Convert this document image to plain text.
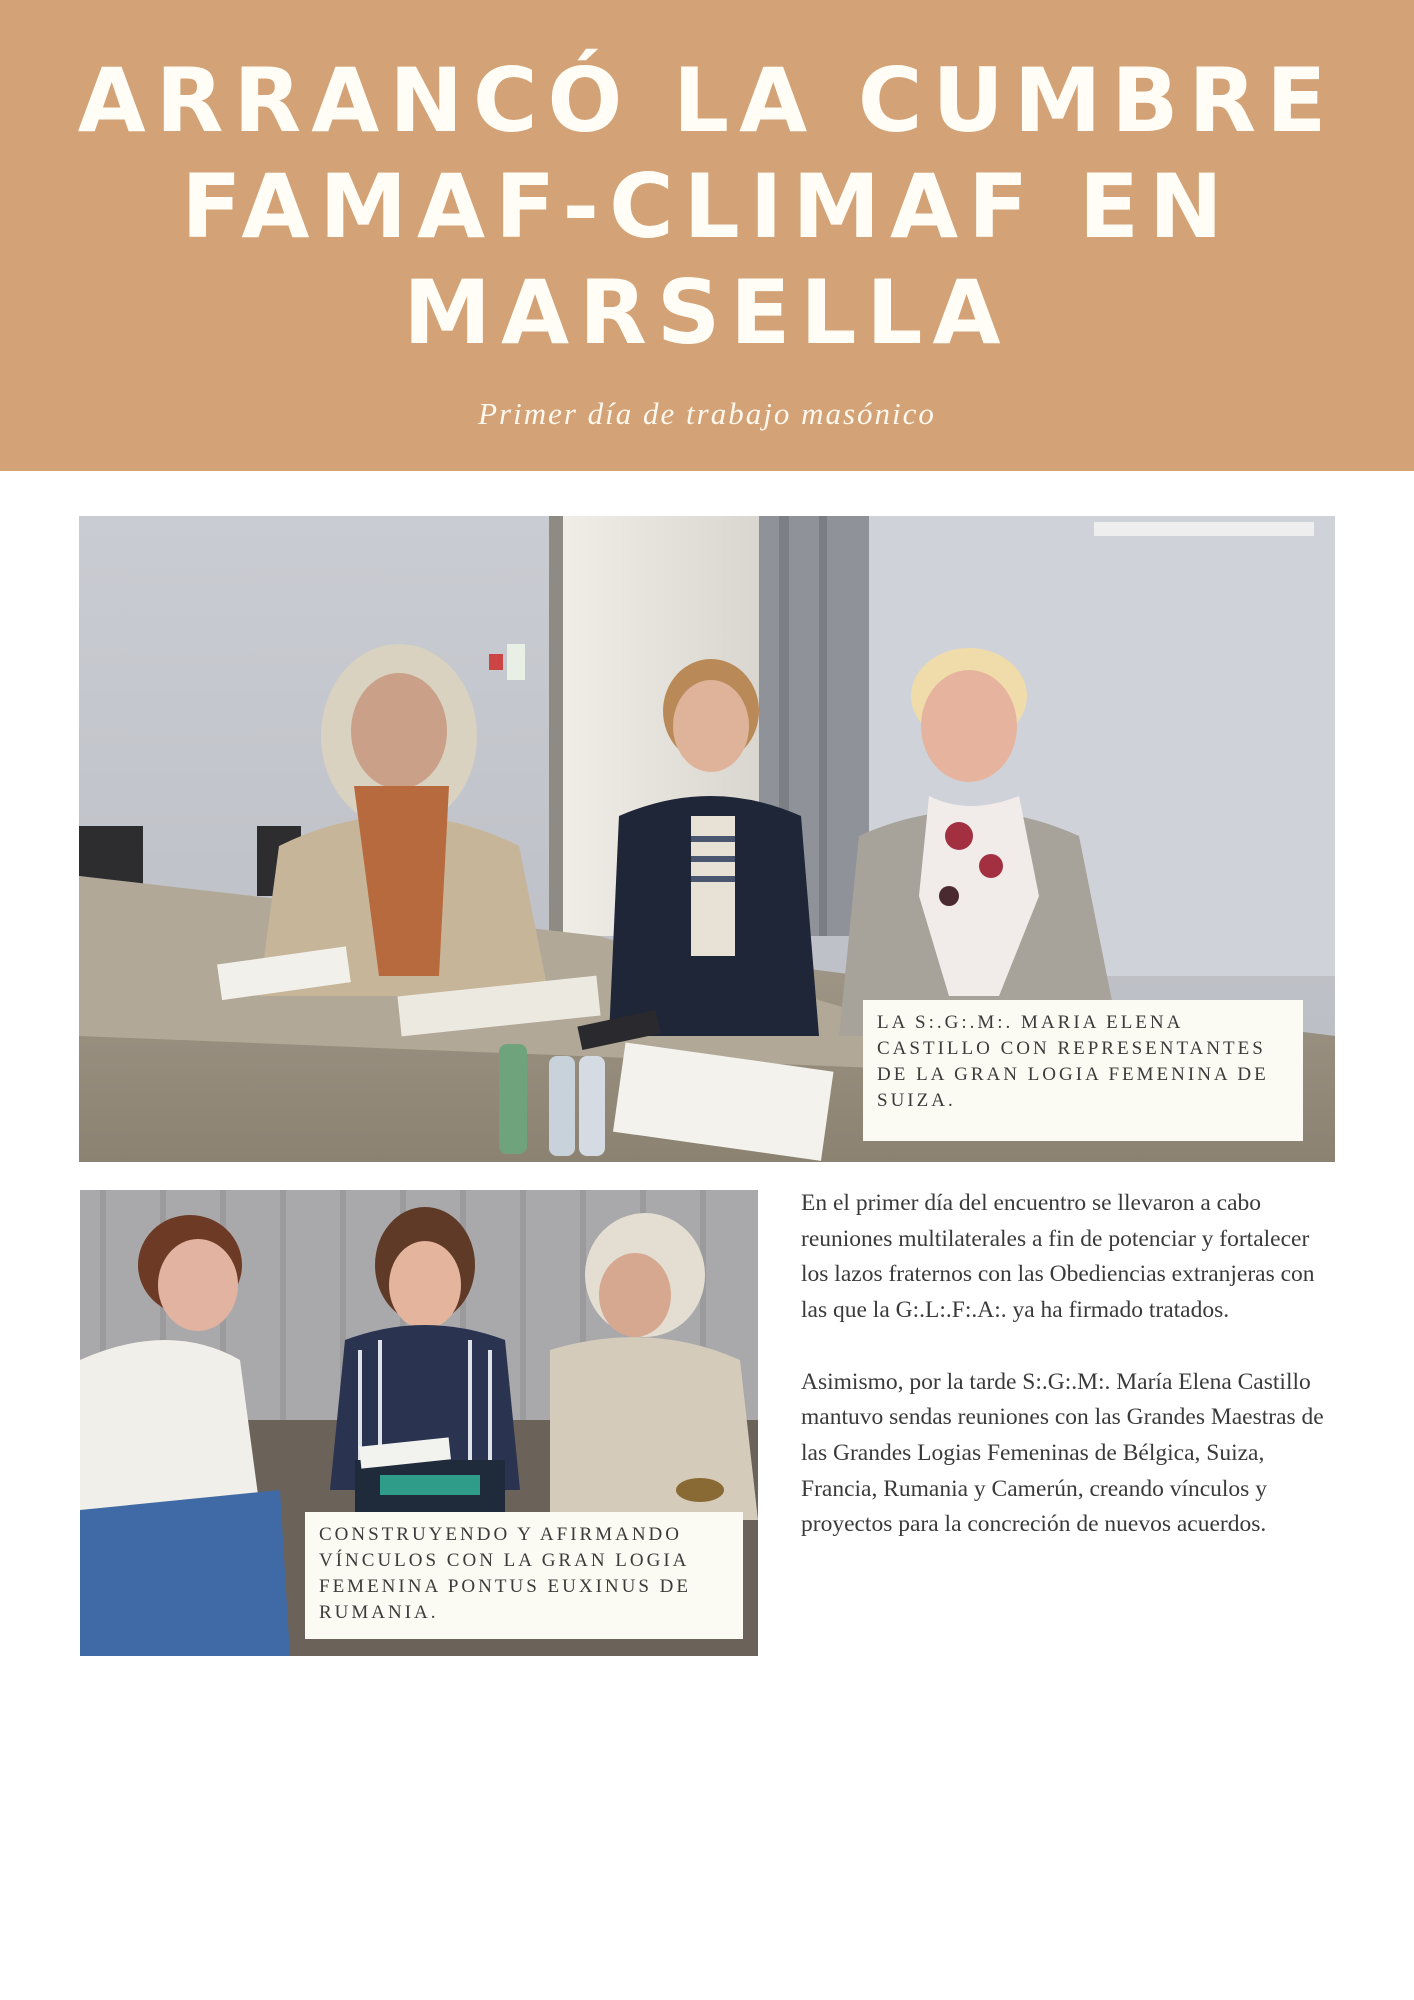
ARRANCÓ LA CUMBRE
FAMAF-CLIMAF EN
MARSELLA
Primer día de trabajo masónico
LA S:.G:.M:. MARIA ELENA CASTILLO CON REPRESENTANTES DE LA GRAN LOGIA FEMENINA DE SUIZA.
CONSTRUYENDO Y AFIRMANDO VÍNCULOS CON LA GRAN LOGIA FEMENINA PONTUS EUXINUS DE RUMANIA.

En el primer día del encuentro se llevaron a cabo reuniones multilaterales a fin de potenciar y fortalecer los lazos fraternos con las Obediencias extranjeras con las que la G:.L:.F:.A:. ya ha firmado tratados.

Asimismo, por la tarde S:.G:.M:. María Elena Castillo mantuvo sendas reuniones con las Grandes Maestras de las Grandes Logias Femeninas de Bélgica, Suiza, Francia, Rumania y Camerún, creando vínculos y proyectos para la concreción de nuevos acuerdos.
